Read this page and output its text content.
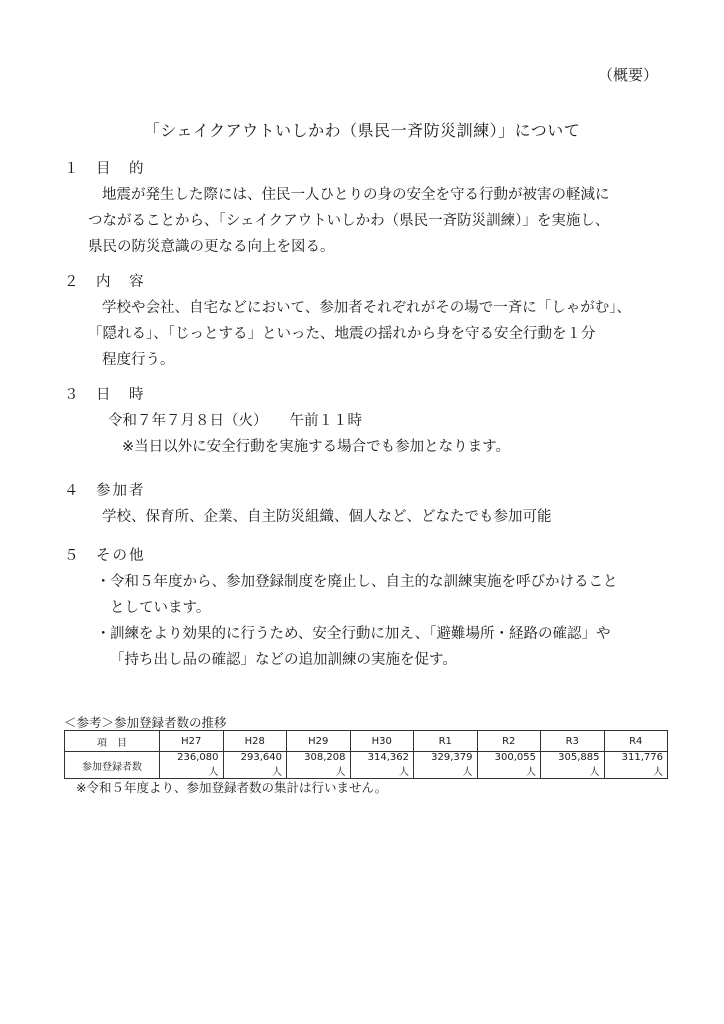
（概要）
「シェイクアウトいしかわ（県民一斉防災訓練）」について
１	目　的
地震が発生した際には、住民一人ひとりの身の安全を守る行動が被害の軽減に
つながることから、「シェイクアウトいしかわ（県民一斉防災訓練）」を実施し、
県民の防災意識の更なる向上を図る。
２	内　容
学校や会社、自宅などにおいて、参加者それぞれがその場で一斉に「しゃがむ」、
「隠れる」、「じっとする」といった、地震の揺れから身を守る安全行動を１分
程度行う。
３	日　時
令和７年７月８日（火） 午前１１時
※当日以外に安全行動を実施する場合でも参加となります。
４	参加者
学校、保育所、企業、自主防災組織、個人など、どなたでも参加可能
５	その他
・ 令和５年度から、参加登録制度を廃止し、自主的な訓練実施を呼びかけること
としています。
・ 訓練をより効果的に行うため、安全行動に加え、「避難場所・経路の確認」や
「持ち出し品の確認」などの追加訓練の実施を促す。
＜参考＞参加登録者数の推移
項　目	H27	H28	H29	H30	R1	R2	R3	R4
参加登録者数	236,080 人	293,640 人	308,208 人	314,362 人	329,379 人	300,055 人	305,885 人	311,776 人
※令和５年度より、参加登録者数の集計は行いません。
